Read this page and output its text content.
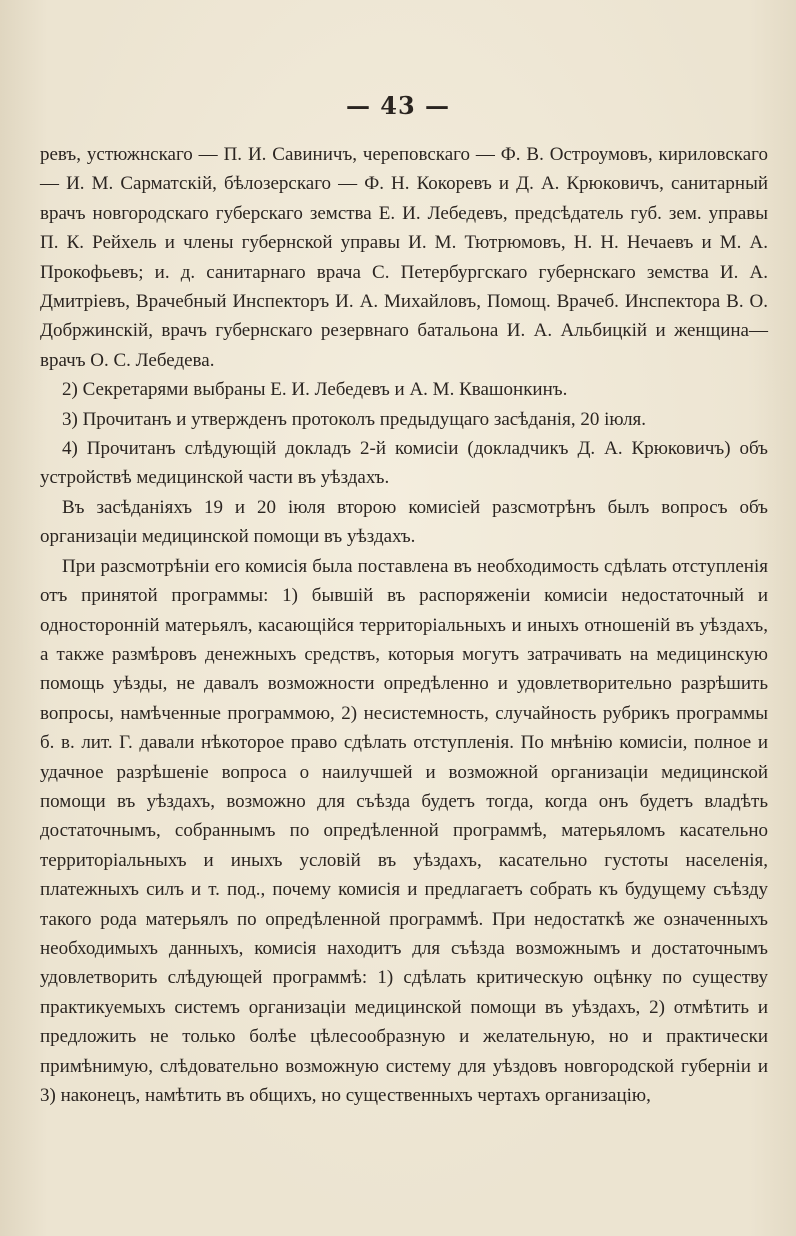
— 43 —

ревъ, устюжнскаго — П. И. Савиничъ, череповскаго — Ф. В. Остроумовъ, кириловскаго — И. М. Сарматскій, бѣлозерскаго — Ф. Н. Кокоревъ и Д. А. Крюковичъ, санитарный врачъ новгородскаго губерскаго земства Е. И. Лебедевъ, предсѣдатель губ. зем. управы П. К. Рейхель и члены губернской управы И. М. Тютрюмовъ, Н. Н. Нечаевъ и М. А. Прокофьевъ; и. д. санитарнаго врача С. Петербургскаго губернскаго земства И. А. Дмитріевъ, Врачебный Инспекторъ И. А. Михайловъ, Помощ. Врачеб. Инспектора В. О. Добржинскій, врачъ губернскаго резервнаго батальона И. А. Альбицкій и женщина—врачъ О. С. Лебедева.

2) Секретарями выбраны Е. И. Лебедевъ и А. М. Квашонкинъ.

3) Прочитанъ и утвержденъ протоколъ предыдущаго засѣданія, 20 іюля.

4) Прочитанъ слѣдующій докладъ 2-й комисіи (докладчикъ Д. А. Крюковичъ) объ устройствѣ медицинской части въ уѣздахъ.

Въ засѣданіяхъ 19 и 20 іюля второю комисіей разсмотрѣнъ былъ вопросъ объ организаціи медицинской помощи въ уѣздахъ.

При разсмотрѣніи его комисія была поставлена въ необходимость сдѣлать отступленія отъ принятой программы: 1) бывшій въ распоряженіи комисіи недостаточный и односторонній матерьялъ, касающійся территоріальныхъ и иныхъ отношеній въ уѣздахъ, а также размѣровъ денежныхъ средствъ, которыя могутъ затрачивать на медицинскую помощь уѣзды, не давалъ возможности опредѣленно и удовлетворительно разрѣшить вопросы, намѣченные программою, 2) несистемность, случайность рубрикъ программы б. в. лит. Г. давали нѣкоторое право сдѣлать отступленія. По мнѣнію комисіи, полное и удачное разрѣшеніе вопроса о наилучшей и возможной организаціи медицинской помощи въ уѣздахъ, возможно для съѣзда будетъ тогда, когда онъ будетъ владѣть достаточнымъ, собраннымъ по опредѣленной программѣ, матерьяломъ касательно территоріальныхъ и иныхъ условій въ уѣздахъ, касательно густоты населенія, платежныхъ силъ и т. под., почему комисія и предлагаетъ собрать къ будущему съѣзду такого рода матерьялъ по опредѣленной программѣ. При недостаткѣ же означенныхъ необходимыхъ данныхъ, комисія находитъ для съѣзда возможнымъ и достаточнымъ удовлетворить слѣдующей программѣ: 1) сдѣлать критическую оцѣнку по существу практикуемыхъ системъ организаціи медицинской помощи въ уѣздахъ, 2) отмѣтить и предложить не только болѣе цѣлесообразную и желательную, но и практически примѣнимую, слѣдовательно возможную систему для уѣздовъ новгородской губерніи и 3) наконецъ, намѣтить въ общихъ, но существенныхъ чертахъ организацію,
